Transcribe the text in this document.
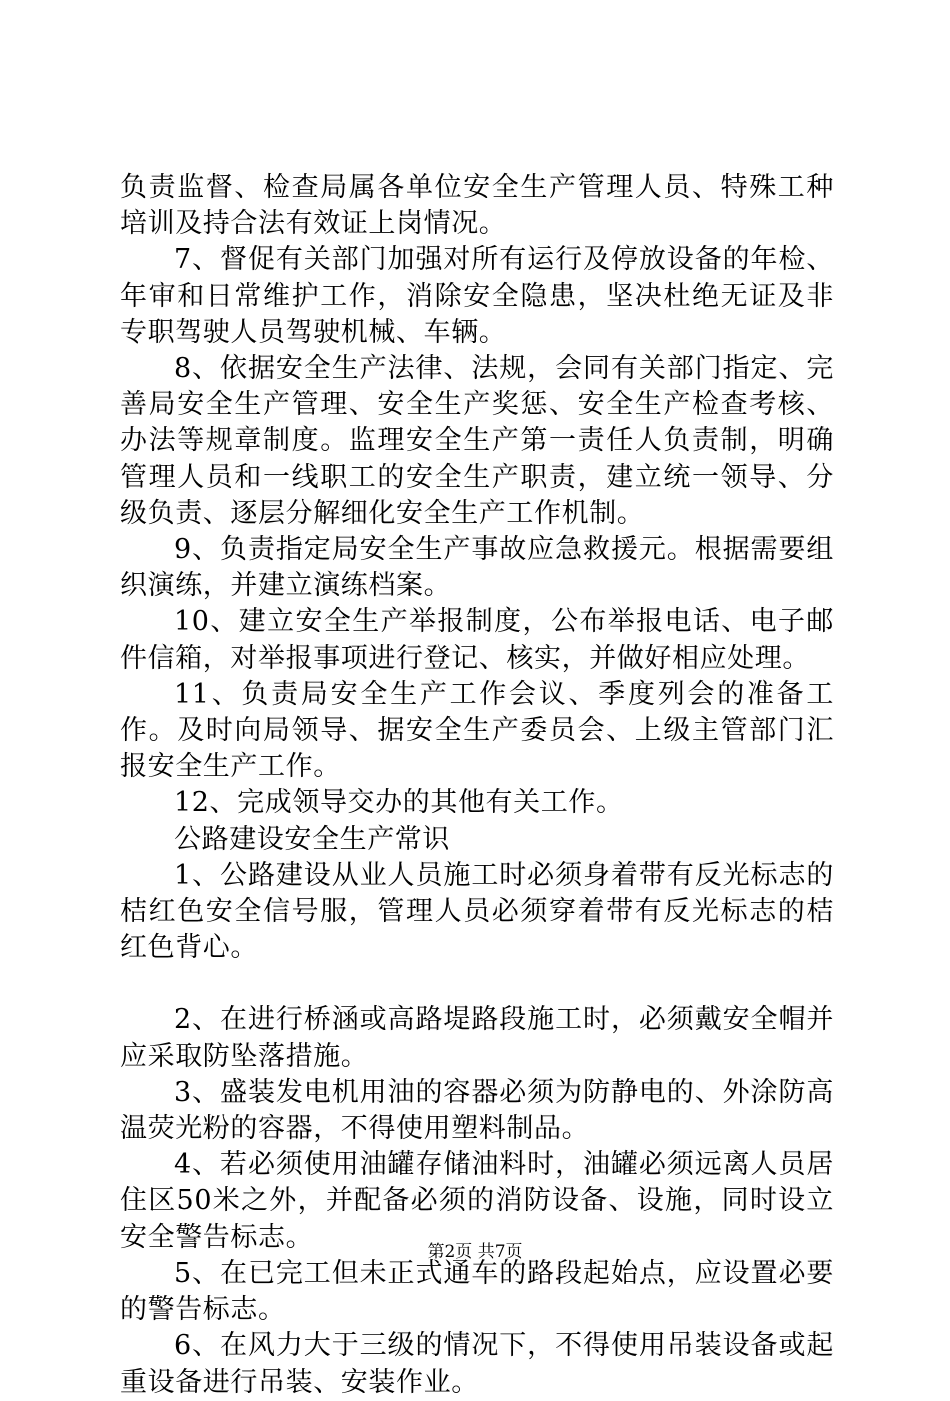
负责监督、检查局属各单位安全生产管理人员、特殊工种培训及持合法有效证上岗情况。

7、督促有关部门加强对所有运行及停放设备的年检、年审和日常维护工作，消除安全隐患，坚决杜绝无证及非专职驾驶人员驾驶机械、车辆。

8、依据安全生产法律、法规，会同有关部门指定、完善局安全生产管理、安全生产奖惩、安全生产检查考核、办法等规章制度。监理安全生产第一责任人负责制，明确管理人员和一线职工的安全生产职责，建立统一领导、分级负责、逐层分解细化安全生产工作机制。

9、负责指定局安全生产事故应急救援元。根据需要组织演练，并建立演练档案。

10、建立安全生产举报制度，公布举报电话、电子邮件信箱，对举报事项进行登记、核实，并做好相应处理。

11、负责局安全生产工作会议、季度列会的准备工作。及时向局领导、据安全生产委员会、上级主管部门汇报安全生产工作。

12、完成领导交办的其他有关工作。

公路建设安全生产常识

1、公路建设从业人员施工时必须身着带有反光标志的桔红色安全信号服，管理人员必须穿着带有反光标志的桔红色背心。

2、在进行桥涵或高路堤路段施工时，必须戴安全帽并应采取防坠落措施。

3、盛装发电机用油的容器必须为防静电的、外涂防高温荧光粉的容器，不得使用塑料制品。

4、若必须使用油罐存储油料时，油罐必须远离人员居住区50米之外，并配备必须的消防设备、设施，同时设立安全警告标志。

5、在已完工但未正式通车的路段起始点，应设置必要的警告标志。

6、在风力大于三级的情况下，不得使用吊装设备或起重设备进行吊装、安装作业。

第2页 共7页
